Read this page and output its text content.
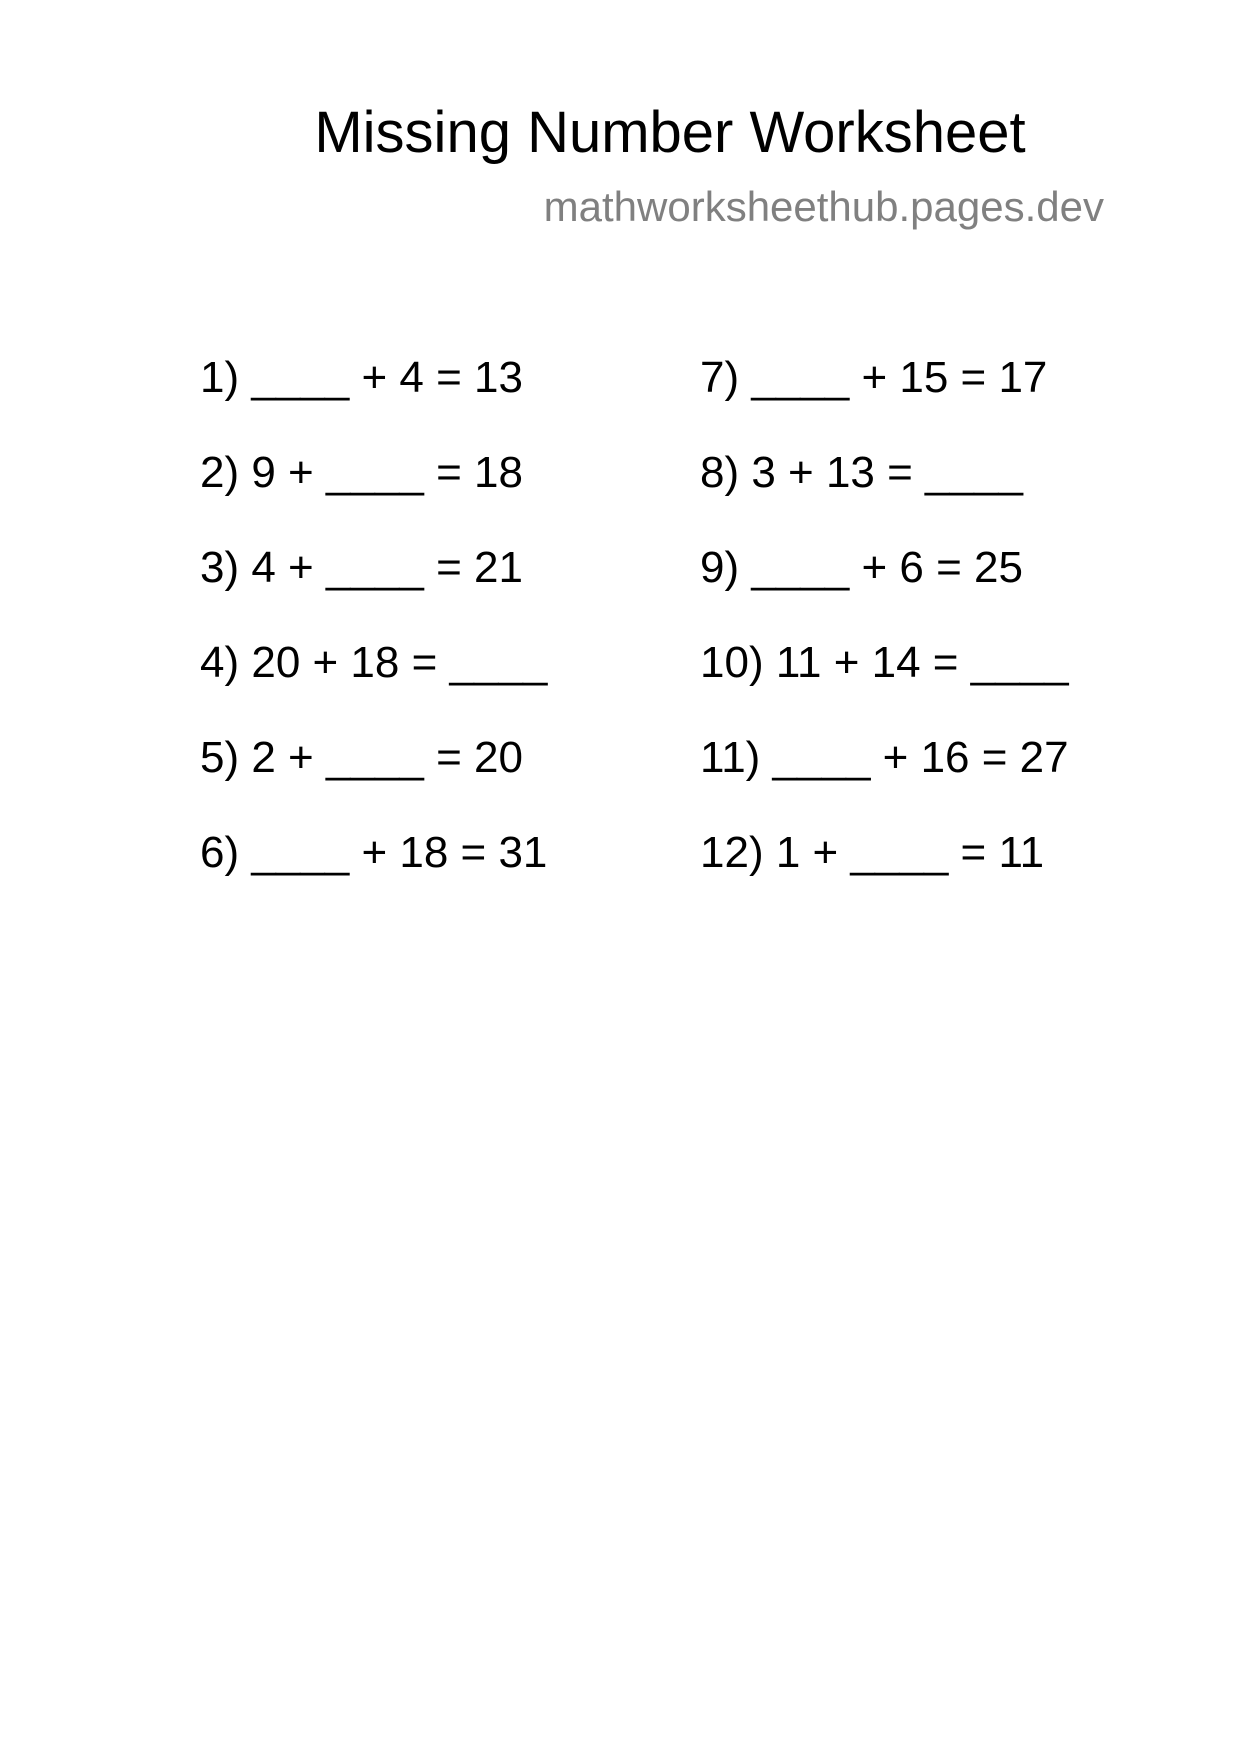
Missing Number Worksheet
mathworksheethub.pages.dev
1) ____ + 4 = 13
2) 9 + ____ = 18
3) 4 + ____ = 21
4) 20 + 18 = ____
5) 2 + ____ = 20
6) ____ + 18 = 31
7) ____ + 15 = 17
8) 3 + 13 = ____
9) ____ + 6 = 25
10) 11 + 14 = ____
11) ____ + 16 = 27
12) 1 + ____ = 11
